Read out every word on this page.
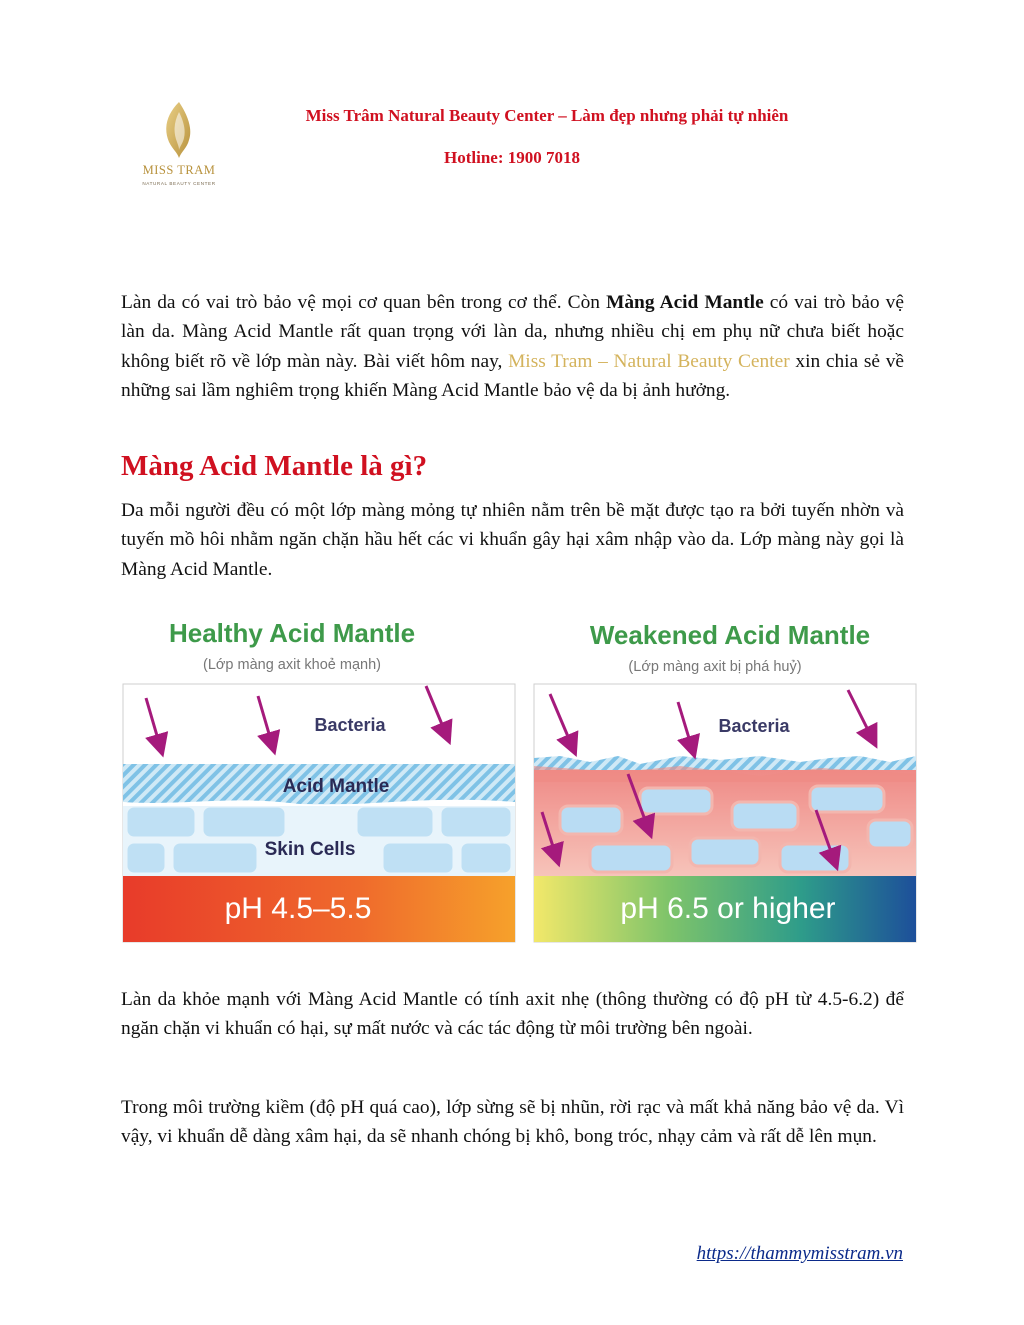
MISS TRAM
NATURAL BEAUTY CENTER
Miss Trâm Natural Beauty Center – Làm đẹp nhưng phải tự nhiên
Hotline: 1900 7018

Làn da có vai trò bảo vệ mọi cơ quan bên trong cơ thể. Còn Màng Acid Mantle có vai trò bảo vệ làn da. Màng Acid Mantle rất quan trọng với làn da, nhưng nhiều chị em phụ nữ chưa biết hoặc không biết rõ về lớp màn này. Bài viết hôm nay, Miss Tram – Natural Beauty Center xin chia sẻ về những sai lầm nghiêm trọng khiến Màng Acid Mantle bảo vệ da bị ảnh hưởng.

Màng Acid Mantle là gì?

Da mỗi người đều có một lớp màng mỏng tự nhiên nằm trên bề mặt được tạo ra bởi tuyến nhờn và tuyến mồ hôi nhằm ngăn chặn hầu hết các vi khuẩn gây hại xâm nhập vào da. Lớp màng này gọi là Màng Acid Mantle.

Healthy Acid Mantle
(Lớp màng axit khoẻ mạnh)
Bacteria
Acid Mantle
Skin Cells
pH 4.5–5.5
Weakened Acid Mantle
(Lớp màng axit bị phá huỷ)
Bacteria
pH 6.5 or higher

Làn da khỏe mạnh với Màng Acid Mantle có tính axit nhẹ (thông thường có độ pH từ 4.5-6.2) để ngăn chặn vi khuẩn có hại, sự mất nước và các tác động từ môi trường bên ngoài.

Trong môi trường kiềm (độ pH quá cao), lớp sừng sẽ bị nhũn, rời rạc và mất khả năng bảo vệ da. Vì vậy, vi khuẩn dễ dàng xâm hại, da sẽ nhanh chóng bị khô, bong tróc, nhạy cảm và rất dễ lên mụn.

https://thammymisstram.vn
